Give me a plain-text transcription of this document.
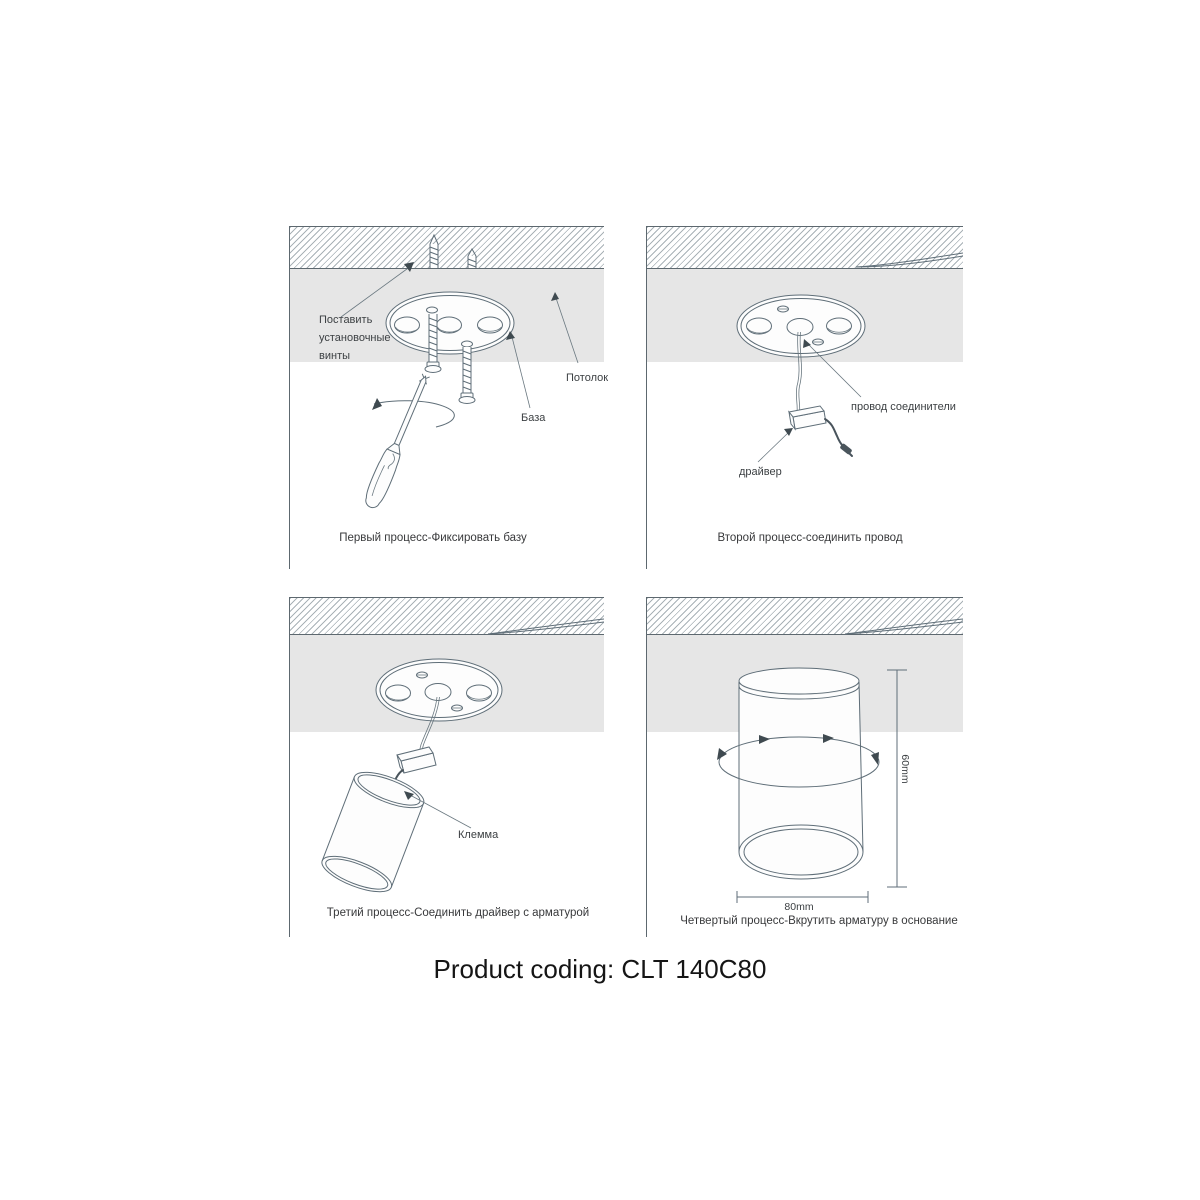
Поставить
установочные
винты
Потолок
База
Первый процесс-Фиксировать базу
провод соединители
драйвер
Второй процесс-соединить провод
Клемма
Третий процесс-Соединить драйвер с арматурой
60mm
80mm
Четвертый процесс-Вкрутить арматуру в основание
Product coding: CLT 140C80
